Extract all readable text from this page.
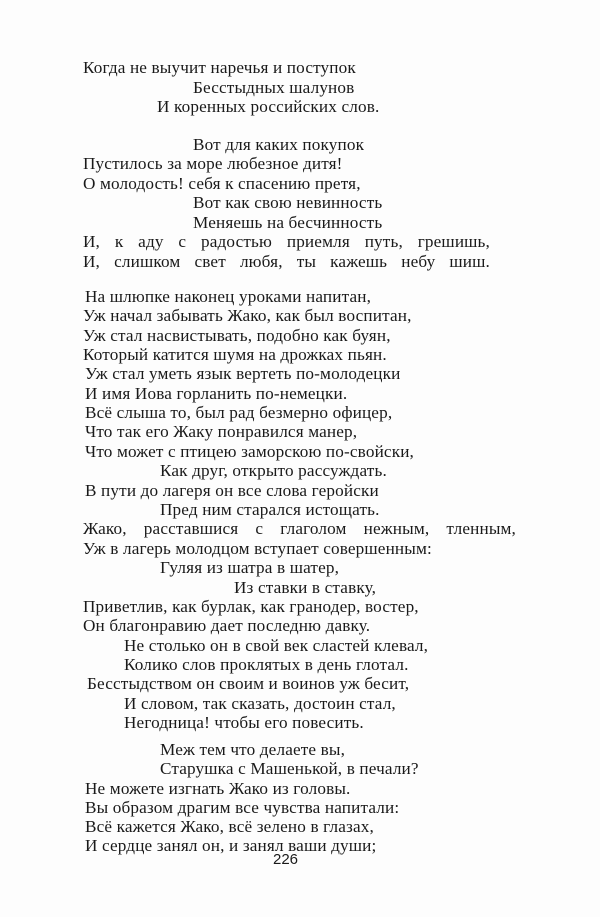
Когда не выучит наречья и поступок
Бесстыдных шалунов
И коренных российских слов.
Вот для каких покупок
Пустилось за море любезное дитя!
О молодость! себя к спасению претя,
Вот как свою невинность
Меняешь на бесчинность
И, к аду с радостью приемля путь, грешишь,
И, слишком свет любя, ты кажешь небу шиш.
На шлюпке наконец уроками напитан,
Уж начал забывать Жако, как был воспитан,
Уж стал насвистывать, подобно как буян,
Который катится шумя на дрожках пьян.
Уж стал уметь язык вертеть по-молодецки
И имя Иова горланить по-немецки.
Всё слыша то, был рад безмерно офицер,
Что так его Жаку понравился манер,
Что может с птицею заморскою по-свойски,
Как друг, открыто рассуждать.
В пути до лагеря он все слова геройски
Пред ним старался истощать.
Жако, расставшися с глаголом нежным, тленным,
Уж в лагерь молодцом вступает совершенным:
Гуляя из шатра в шатер,
Из ставки в ставку,
Приветлив, как бурлак, как гранодер, востер,
Он благонравию дает последню давку.
Не столько он в свой век сластей клевал,
Колико слов проклятых в день глотал.
Бесстыдством он своим и воинов уж бесит,
И словом, так сказать, достоин стал,
Негодница! чтобы его повесить.
Меж тем что делаете вы,
Старушка с Машенькой, в печали?
Не можете изгнать Жако из головы.
Вы образом драгим все чувства напитали:
Всё кажется Жако, всё зелено в глазах,
И сердце занял он, и занял ваши души;
226
